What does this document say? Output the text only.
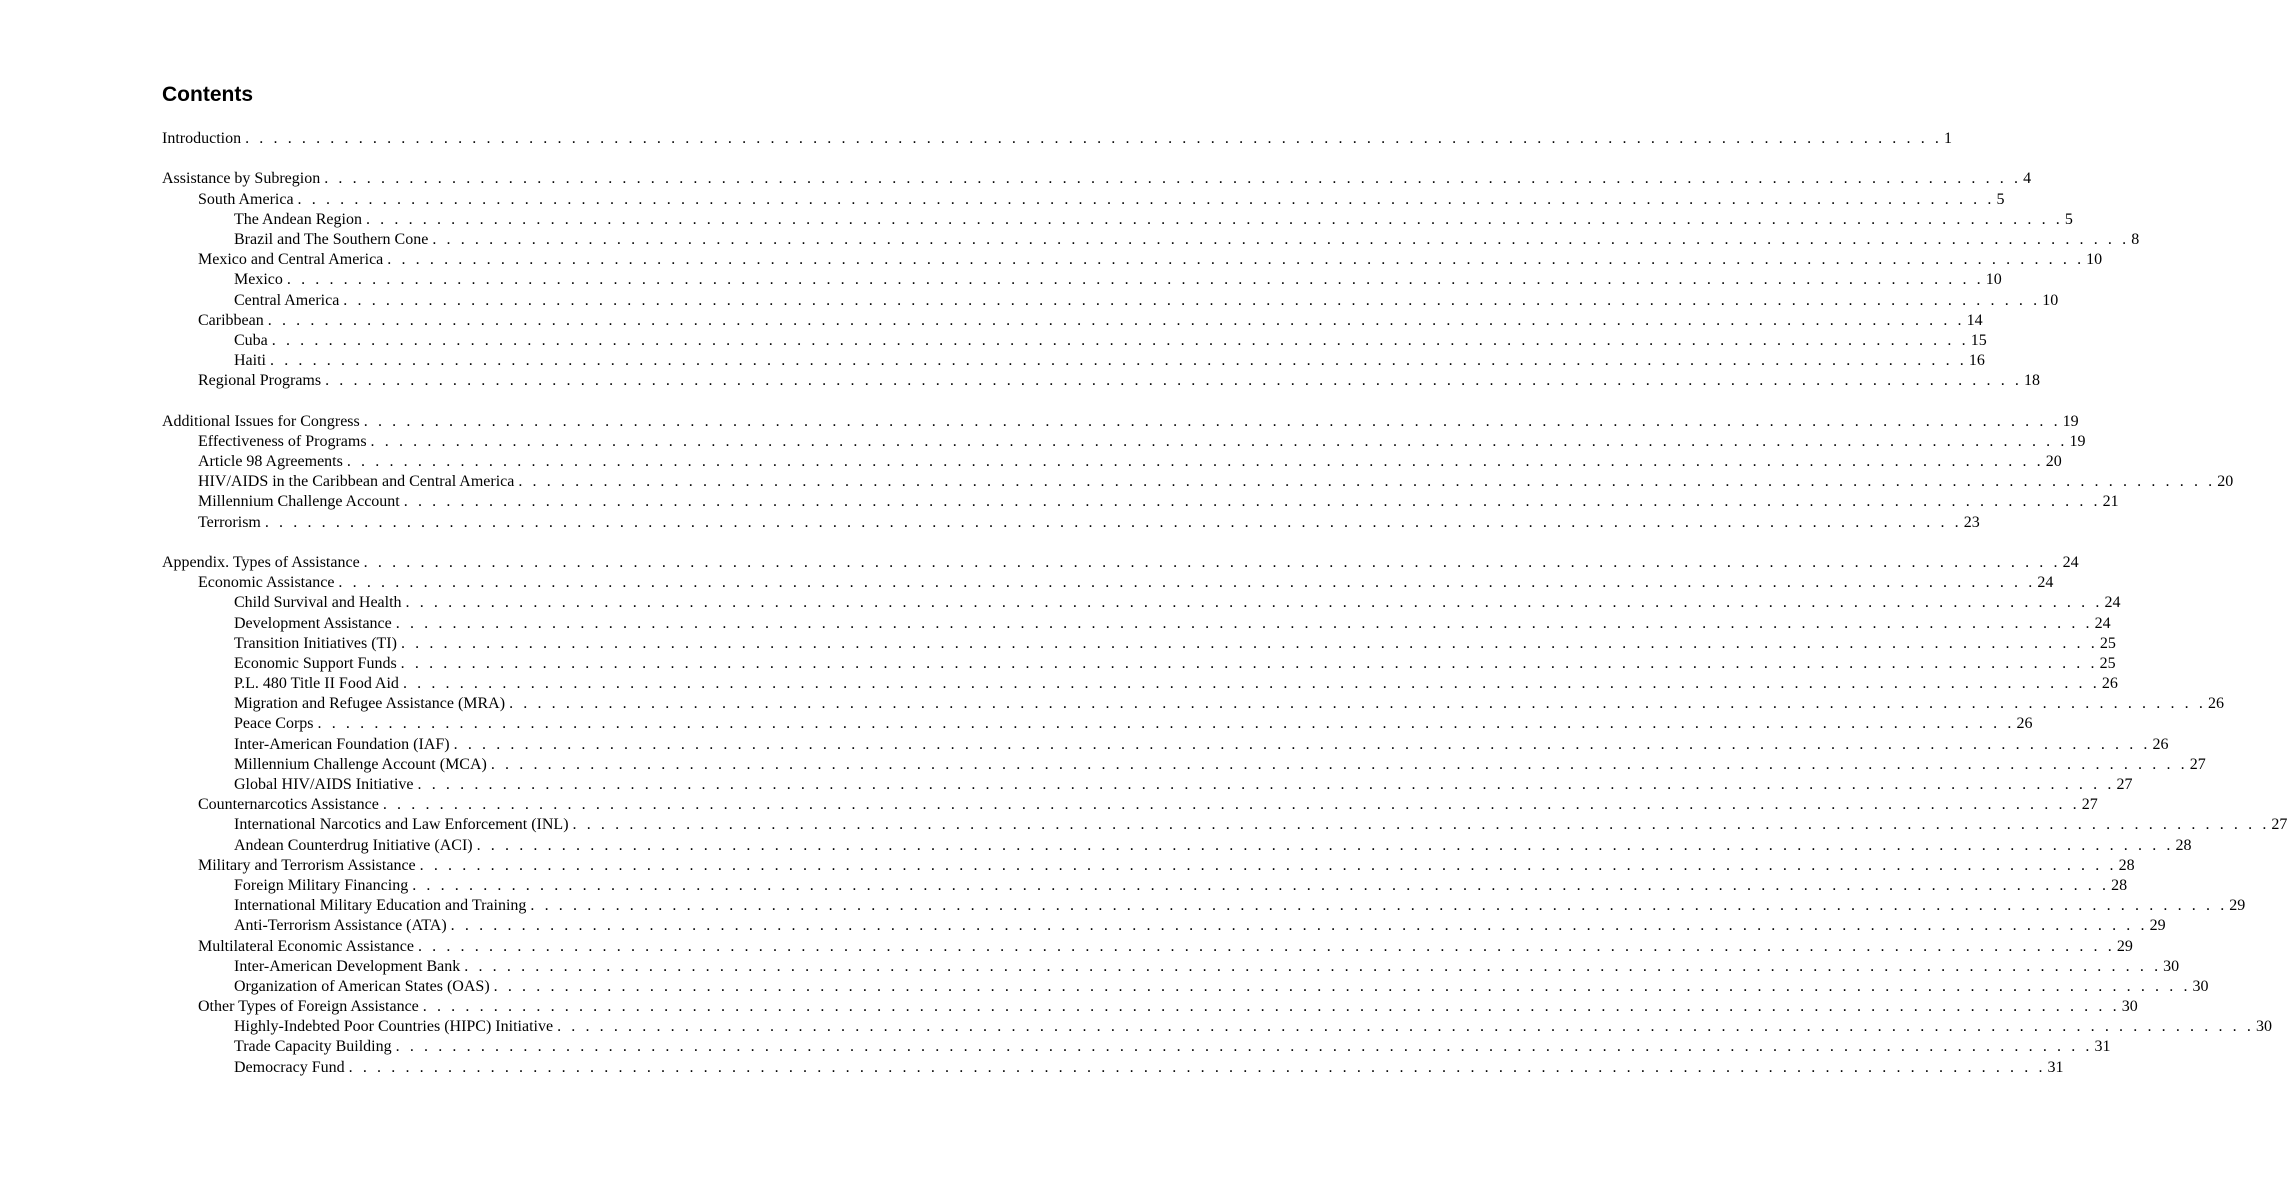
Contents
Introduction . . . . . . . . . . . . . . . . . . . . . . . . . . . . . . . . . . . . . . . . . . . . . . . . . . . . . . . . . . . . . . . . . . . . . . . . . . . . . . . . . . . . . . . . . . . . . . . . . . . . . . . . . . . . . . . . . . . . . . . . 1
Assistance by Subregion . . . . . . . . . . . . . . . . . . . . . . . . . . . . . . . . . . . . . . . . . . . . . . . . . . . . . . . . . . . . . . . . . . . . . . . . . . . . . . . . . . . . . . . . . . . . . . . . . . . . . . . . . . . . . . . . . . . . . . . . 4
South America . . . . . . . . . . . . . . . . . . . . . . . . . . . . . . . . . . . . . . . . . . . . . . . . . . . . . . . . . . . . . . . . . . . . . . . . . . . . . . . . . . . . . . . . . . . . . . . . . . . . . . . . . . . . . . . . . . . . . . . . 5
The Andean Region . . . . . . . . . . . . . . . . . . . . . . . . . . . . . . . . . . . . . . . . . . . . . . . . . . . . . . . . . . . . . . . . . . . . . . . . . . . . . . . . . . . . . . . . . . . . . . . . . . . . . . . . . . . . . . . . . . . . . . . . 5
Brazil and The Southern Cone . . . . . . . . . . . . . . . . . . . . . . . . . . . . . . . . . . . . . . . . . . . . . . . . . . . . . . . . . . . . . . . . . . . . . . . . . . . . . . . . . . . . . . . . . . . . . . . . . . . . . . . . . . . . . . . . . . . . . . . . 8
Mexico and Central America . . . . . . . . . . . . . . . . . . . . . . . . . . . . . . . . . . . . . . . . . . . . . . . . . . . . . . . . . . . . . . . . . . . . . . . . . . . . . . . . . . . . . . . . . . . . . . . . . . . . . . . . . . . . . . . . . . . . . . . . 10
Mexico . . . . . . . . . . . . . . . . . . . . . . . . . . . . . . . . . . . . . . . . . . . . . . . . . . . . . . . . . . . . . . . . . . . . . . . . . . . . . . . . . . . . . . . . . . . . . . . . . . . . . . . . . . . . . . . . . . . . . . . . 10
Central America . . . . . . . . . . . . . . . . . . . . . . . . . . . . . . . . . . . . . . . . . . . . . . . . . . . . . . . . . . . . . . . . . . . . . . . . . . . . . . . . . . . . . . . . . . . . . . . . . . . . . . . . . . . . . . . . . . . . . . . . 10
Caribbean . . . . . . . . . . . . . . . . . . . . . . . . . . . . . . . . . . . . . . . . . . . . . . . . . . . . . . . . . . . . . . . . . . . . . . . . . . . . . . . . . . . . . . . . . . . . . . . . . . . . . . . . . . . . . . . . . . . . . . . . 14
Cuba . . . . . . . . . . . . . . . . . . . . . . . . . . . . . . . . . . . . . . . . . . . . . . . . . . . . . . . . . . . . . . . . . . . . . . . . . . . . . . . . . . . . . . . . . . . . . . . . . . . . . . . . . . . . . . . . . . . . . . . . 15
Haiti . . . . . . . . . . . . . . . . . . . . . . . . . . . . . . . . . . . . . . . . . . . . . . . . . . . . . . . . . . . . . . . . . . . . . . . . . . . . . . . . . . . . . . . . . . . . . . . . . . . . . . . . . . . . . . . . . . . . . . . . 16
Regional Programs . . . . . . . . . . . . . . . . . . . . . . . . . . . . . . . . . . . . . . . . . . . . . . . . . . . . . . . . . . . . . . . . . . . . . . . . . . . . . . . . . . . . . . . . . . . . . . . . . . . . . . . . . . . . . . . . . . . . . . . . 18
Additional Issues for Congress . . . . . . . . . . . . . . . . . . . . . . . . . . . . . . . . . . . . . . . . . . . . . . . . . . . . . . . . . . . . . . . . . . . . . . . . . . . . . . . . . . . . . . . . . . . . . . . . . . . . . . . . . . . . . . . . . . . . . . . . 19
Effectiveness of Programs . . . . . . . . . . . . . . . . . . . . . . . . . . . . . . . . . . . . . . . . . . . . . . . . . . . . . . . . . . . . . . . . . . . . . . . . . . . . . . . . . . . . . . . . . . . . . . . . . . . . . . . . . . . . . . . . . . . . . . . . 19
Article 98 Agreements . . . . . . . . . . . . . . . . . . . . . . . . . . . . . . . . . . . . . . . . . . . . . . . . . . . . . . . . . . . . . . . . . . . . . . . . . . . . . . . . . . . . . . . . . . . . . . . . . . . . . . . . . . . . . . . . . . . . . . . . 20
HIV/AIDS in the Caribbean and Central America . . . . . . . . . . . . . . . . . . . . . . . . . . . . . . . . . . . . . . . . . . . . . . . . . . . . . . . . . . . . . . . . . . . . . . . . . . . . . . . . . . . . . . . . . . . . . . . . . . . . . . . . . . . . . . . . . . . . . . . . 20
Millennium Challenge Account . . . . . . . . . . . . . . . . . . . . . . . . . . . . . . . . . . . . . . . . . . . . . . . . . . . . . . . . . . . . . . . . . . . . . . . . . . . . . . . . . . . . . . . . . . . . . . . . . . . . . . . . . . . . . . . . . . . . . . . . 21
Terrorism . . . . . . . . . . . . . . . . . . . . . . . . . . . . . . . . . . . . . . . . . . . . . . . . . . . . . . . . . . . . . . . . . . . . . . . . . . . . . . . . . . . . . . . . . . . . . . . . . . . . . . . . . . . . . . . . . . . . . . . . 23
Appendix. Types of Assistance . . . . . . . . . . . . . . . . . . . . . . . . . . . . . . . . . . . . . . . . . . . . . . . . . . . . . . . . . . . . . . . . . . . . . . . . . . . . . . . . . . . . . . . . . . . . . . . . . . . . . . . . . . . . . . . . . . . . . . . . 24
Economic Assistance . . . . . . . . . . . . . . . . . . . . . . . . . . . . . . . . . . . . . . . . . . . . . . . . . . . . . . . . . . . . . . . . . . . . . . . . . . . . . . . . . . . . . . . . . . . . . . . . . . . . . . . . . . . . . . . . . . . . . . . . 24
Child Survival and Health . . . . . . . . . . . . . . . . . . . . . . . . . . . . . . . . . . . . . . . . . . . . . . . . . . . . . . . . . . . . . . . . . . . . . . . . . . . . . . . . . . . . . . . . . . . . . . . . . . . . . . . . . . . . . . . . . . . . . . . . 24
Development Assistance . . . . . . . . . . . . . . . . . . . . . . . . . . . . . . . . . . . . . . . . . . . . . . . . . . . . . . . . . . . . . . . . . . . . . . . . . . . . . . . . . . . . . . . . . . . . . . . . . . . . . . . . . . . . . . . . . . . . . . . . 24
Transition Initiatives (TI) . . . . . . . . . . . . . . . . . . . . . . . . . . . . . . . . . . . . . . . . . . . . . . . . . . . . . . . . . . . . . . . . . . . . . . . . . . . . . . . . . . . . . . . . . . . . . . . . . . . . . . . . . . . . . . . . . . . . . . . . 25
Economic Support Funds . . . . . . . . . . . . . . . . . . . . . . . . . . . . . . . . . . . . . . . . . . . . . . . . . . . . . . . . . . . . . . . . . . . . . . . . . . . . . . . . . . . . . . . . . . . . . . . . . . . . . . . . . . . . . . . . . . . . . . . . 25
P.L. 480 Title II Food Aid . . . . . . . . . . . . . . . . . . . . . . . . . . . . . . . . . . . . . . . . . . . . . . . . . . . . . . . . . . . . . . . . . . . . . . . . . . . . . . . . . . . . . . . . . . . . . . . . . . . . . . . . . . . . . . . . . . . . . . . . 26
Migration and Refugee Assistance (MRA) . . . . . . . . . . . . . . . . . . . . . . . . . . . . . . . . . . . . . . . . . . . . . . . . . . . . . . . . . . . . . . . . . . . . . . . . . . . . . . . . . . . . . . . . . . . . . . . . . . . . . . . . . . . . . . . . . . . . . . . . 26
Peace Corps . . . . . . . . . . . . . . . . . . . . . . . . . . . . . . . . . . . . . . . . . . . . . . . . . . . . . . . . . . . . . . . . . . . . . . . . . . . . . . . . . . . . . . . . . . . . . . . . . . . . . . . . . . . . . . . . . . . . . . . . 26
Inter-American Foundation (IAF) . . . . . . . . . . . . . . . . . . . . . . . . . . . . . . . . . . . . . . . . . . . . . . . . . . . . . . . . . . . . . . . . . . . . . . . . . . . . . . . . . . . . . . . . . . . . . . . . . . . . . . . . . . . . . . . . . . . . . . . . 26
Millennium Challenge Account (MCA) . . . . . . . . . . . . . . . . . . . . . . . . . . . . . . . . . . . . . . . . . . . . . . . . . . . . . . . . . . . . . . . . . . . . . . . . . . . . . . . . . . . . . . . . . . . . . . . . . . . . . . . . . . . . . . . . . . . . . . . . 27
Global HIV/AIDS Initiative . . . . . . . . . . . . . . . . . . . . . . . . . . . . . . . . . . . . . . . . . . . . . . . . . . . . . . . . . . . . . . . . . . . . . . . . . . . . . . . . . . . . . . . . . . . . . . . . . . . . . . . . . . . . . . . . . . . . . . . . 27
Counternarcotics Assistance . . . . . . . . . . . . . . . . . . . . . . . . . . . . . . . . . . . . . . . . . . . . . . . . . . . . . . . . . . . . . . . . . . . . . . . . . . . . . . . . . . . . . . . . . . . . . . . . . . . . . . . . . . . . . . . . . . . . . . . . 27
International Narcotics and Law Enforcement (INL) . . . . . . . . . . . . . . . . . . . . . . . . . . . . . . . . . . . . . . . . . . . . . . . . . . . . . . . . . . . . . . . . . . . . . . . . . . . . . . . . . . . . . . . . . . . . . . . . . . . . . . . . . . . . . . . . . . . . . . . . 27
Andean Counterdrug Initiative (ACI) . . . . . . . . . . . . . . . . . . . . . . . . . . . . . . . . . . . . . . . . . . . . . . . . . . . . . . . . . . . . . . . . . . . . . . . . . . . . . . . . . . . . . . . . . . . . . . . . . . . . . . . . . . . . . . . . . . . . . . . . 28
Military and Terrorism Assistance . . . . . . . . . . . . . . . . . . . . . . . . . . . . . . . . . . . . . . . . . . . . . . . . . . . . . . . . . . . . . . . . . . . . . . . . . . . . . . . . . . . . . . . . . . . . . . . . . . . . . . . . . . . . . . . . . . . . . . . . 28
Foreign Military Financing . . . . . . . . . . . . . . . . . . . . . . . . . . . . . . . . . . . . . . . . . . . . . . . . . . . . . . . . . . . . . . . . . . . . . . . . . . . . . . . . . . . . . . . . . . . . . . . . . . . . . . . . . . . . . . . . . . . . . . . . 28
International Military Education and Training . . . . . . . . . . . . . . . . . . . . . . . . . . . . . . . . . . . . . . . . . . . . . . . . . . . . . . . . . . . . . . . . . . . . . . . . . . . . . . . . . . . . . . . . . . . . . . . . . . . . . . . . . . . . . . . . . . . . . . . . 29
Anti-Terrorism Assistance (ATA) . . . . . . . . . . . . . . . . . . . . . . . . . . . . . . . . . . . . . . . . . . . . . . . . . . . . . . . . . . . . . . . . . . . . . . . . . . . . . . . . . . . . . . . . . . . . . . . . . . . . . . . . . . . . . . . . . . . . . . . . 29
Multilateral Economic Assistance . . . . . . . . . . . . . . . . . . . . . . . . . . . . . . . . . . . . . . . . . . . . . . . . . . . . . . . . . . . . . . . . . . . . . . . . . . . . . . . . . . . . . . . . . . . . . . . . . . . . . . . . . . . . . . . . . . . . . . . . 29
Inter-American Development Bank . . . . . . . . . . . . . . . . . . . . . . . . . . . . . . . . . . . . . . . . . . . . . . . . . . . . . . . . . . . . . . . . . . . . . . . . . . . . . . . . . . . . . . . . . . . . . . . . . . . . . . . . . . . . . . . . . . . . . . . . 30
Organization of American States (OAS) . . . . . . . . . . . . . . . . . . . . . . . . . . . . . . . . . . . . . . . . . . . . . . . . . . . . . . . . . . . . . . . . . . . . . . . . . . . . . . . . . . . . . . . . . . . . . . . . . . . . . . . . . . . . . . . . . . . . . . . . 30
Other Types of Foreign Assistance . . . . . . . . . . . . . . . . . . . . . . . . . . . . . . . . . . . . . . . . . . . . . . . . . . . . . . . . . . . . . . . . . . . . . . . . . . . . . . . . . . . . . . . . . . . . . . . . . . . . . . . . . . . . . . . . . . . . . . . . 30
Highly-Indebted Poor Countries (HIPC) Initiative . . . . . . . . . . . . . . . . . . . . . . . . . . . . . . . . . . . . . . . . . . . . . . . . . . . . . . . . . . . . . . . . . . . . . . . . . . . . . . . . . . . . . . . . . . . . . . . . . . . . . . . . . . . . . . . . . . . . . . . . 30
Trade Capacity Building . . . . . . . . . . . . . . . . . . . . . . . . . . . . . . . . . . . . . . . . . . . . . . . . . . . . . . . . . . . . . . . . . . . . . . . . . . . . . . . . . . . . . . . . . . . . . . . . . . . . . . . . . . . . . . . . . . . . . . . . 31
Democracy Fund . . . . . . . . . . . . . . . . . . . . . . . . . . . . . . . . . . . . . . . . . . . . . . . . . . . . . . . . . . . . . . . . . . . . . . . . . . . . . . . . . . . . . . . . . . . . . . . . . . . . . . . . . . . . . . . . . . . . . . . . 31
